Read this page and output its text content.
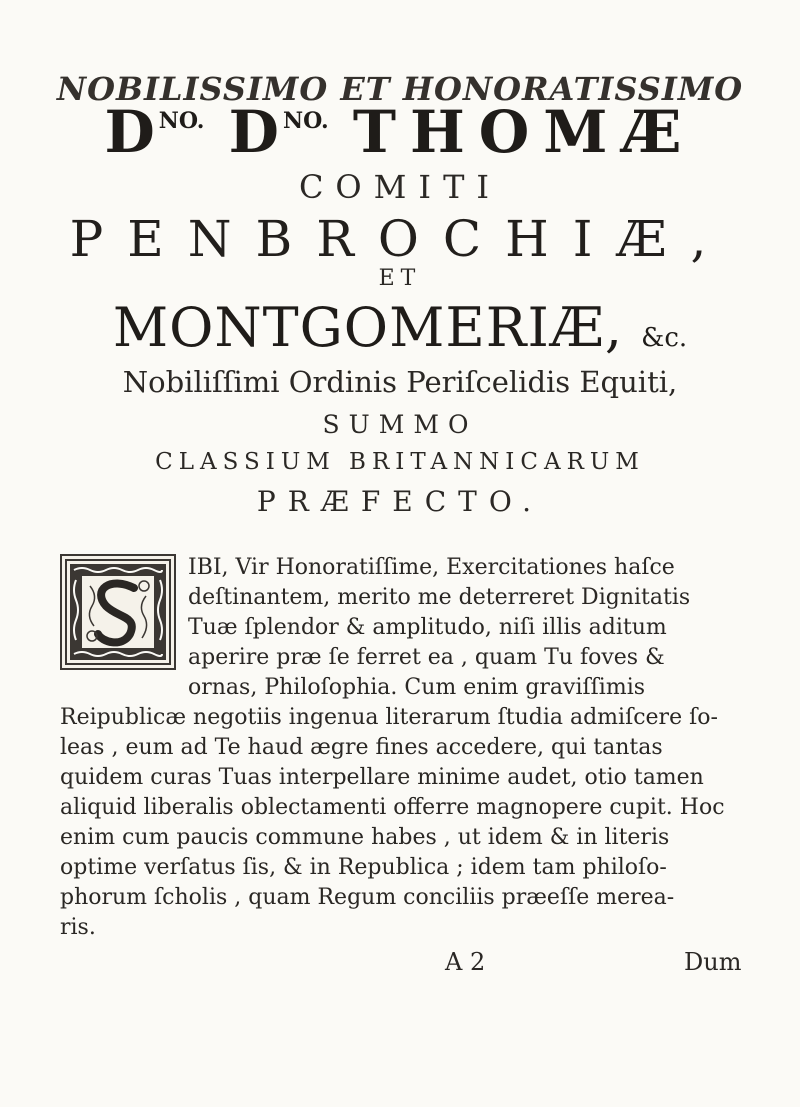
NOBILISSIMO ET HONORATISSIMO
$D^{NO.}$ $D^{NO.}$ THOMÆ
COMITI
PENBROCHIÆ,
ET
MONTGOMERIÆ, &c.
Nobiliſſimi Ordinis Periſcelidis Equiti,
SUMMO
CLASSIUM BRITANNICARUM
PRÆFECTO.
IBI, Vir Honoratiſſime, Exercitationes haſce
deſtinantem, merito me deterreret Dignitatis
Tuæ ſplendor & amplitudo, niſi illis aditum
aperire præ ſe ferret ea , quam Tu foves &
ornas, Philoſophia. Cum enim graviſſimis
Reipublicæ negotiis ingenua literarum ſtudia admiſcere ſo-
leas , eum ad Te haud ægre fines accedere, qui tantas
quidem curas Tuas interpellare minime audet, otio tamen
aliquid liberalis oblectamenti offerre magnopere cupit. Hoc
enim cum paucis commune habes , ut idem & in literis
optime verſatus ſis, & in Republica ; idem tam philoſo-
phorum ſcholis , quam Regum conciliis præeſſe merea-
ris.
A 2	Dum
